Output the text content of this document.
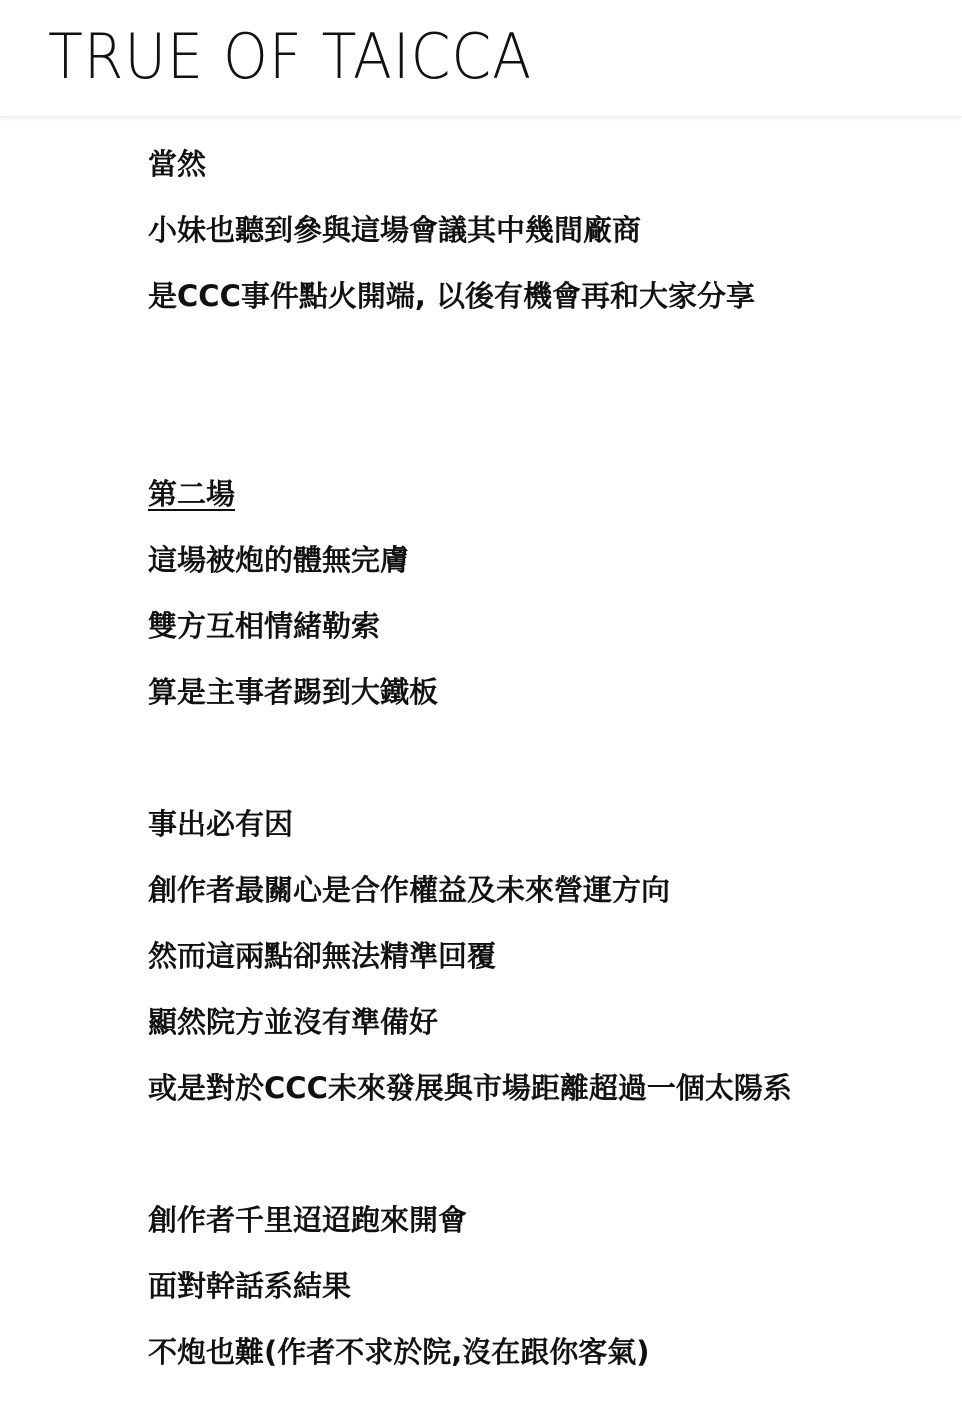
TRUE OF TAICCA

當然

小妹也聽到參與這場會議其中幾間廠商

是CCC事件點火開端, 以後有機會再和大家分享

第二場

這場被炮的體無完膚

雙方互相情緒勒索

算是主事者踢到大鐵板

事出必有因

創作者最關心是合作權益及未來營運方向

然而這兩點卻無法精準回覆

顯然院方並沒有準備好

或是對於CCC未來發展與市場距離超過一個太陽系

創作者千里迢迢跑來開會

面對幹話系結果

不炮也難(作者不求於院,沒在跟你客氣)
